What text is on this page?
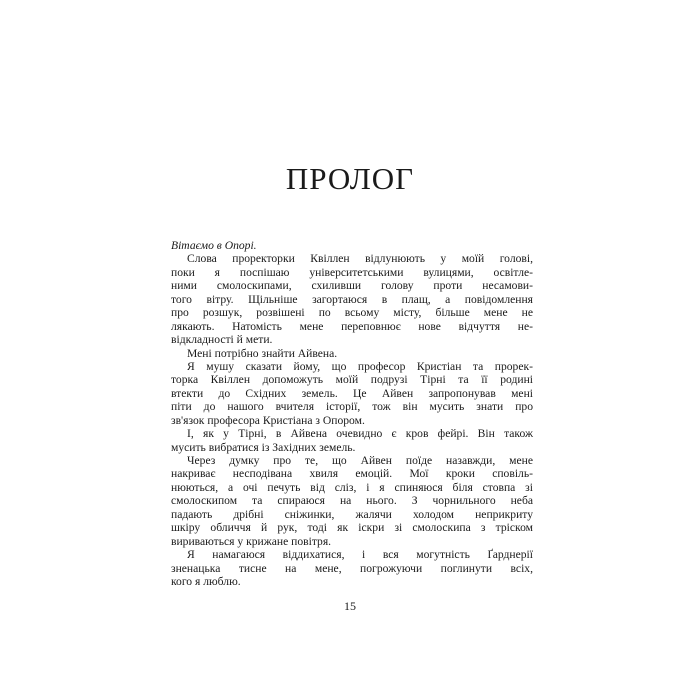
ПРОЛОГ
Вітаємо в Опорі.
Слова проректорки Квіллен відлунюють у моїй голові,
поки я поспішаю університетськими вулицями, освітле-
ними смолоскипами, схиливши голову проти несамови-
того вітру. Щільніше загортаюся в плащ, а повідомлення
про розшук, розвішені по всьому місту, більше мене не
лякають. Натомість мене переповнює нове відчуття не-
відкладності й мети.
Мені потрібно знайти Айвена.
Я мушу сказати йому, що професор Кристіан та прорек-
торка Квіллен допоможуть моїй подрузі Тірні та її родині
втекти до Східних земель. Це Айвен запропонував мені
піти до нашого вчителя історії, тож він мусить знати про
зв'язок професора Кристіана з Опором.
І, як у Тірні, в Айвена очевидно є кров фейрі. Він також
мусить вибратися із Західних земель.
Через думку про те, що Айвен поїде назавжди, мене
накриває несподівана хвиля емоцій. Мої кроки сповіль-
нюються, а очі печуть від сліз, і я спиняюся біля стовпа зі
смолоскипом та спираюся на нього. З чорнильного неба
падають дрібні сніжинки, жалячи холодом неприкриту
шкіру обличчя й рук, тоді як іскри зі смолоскипа з тріском
вириваються у крижане повітря.
Я намагаюся віддихатися, і вся могутність Ґарднерії
зненацька тисне на мене, погрожуючи поглинути всіх,
кого я люблю.
15
